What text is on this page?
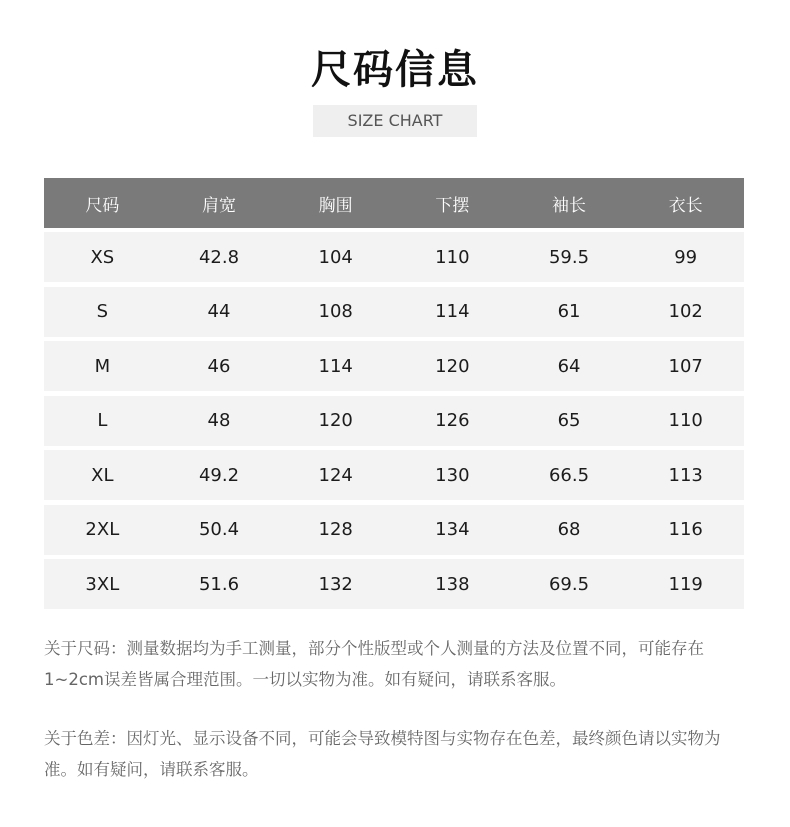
尺码信息
SIZE CHART
尺码	肩宽	胸围	下摆	袖长	衣长
XS	42.8	104	110	59.5	99
S	44	108	114	61	102
M	46	114	120	64	107
L	48	120	126	65	110
XL	49.2	124	130	66.5	113
2XL	50.4	128	134	68	116
3XL	51.6	132	138	69.5	119

关于尺码：测量数据均为手工测量，部分个性版型或个人测量的方法及位置不同，可能存在1~2cm误差皆属合理范围。一切以实物为准。如有疑问，请联系客服。

关于色差：因灯光、显示设备不同，可能会导致模特图与实物存在色差，最终颜色请以实物为准。如有疑问，请联系客服。
